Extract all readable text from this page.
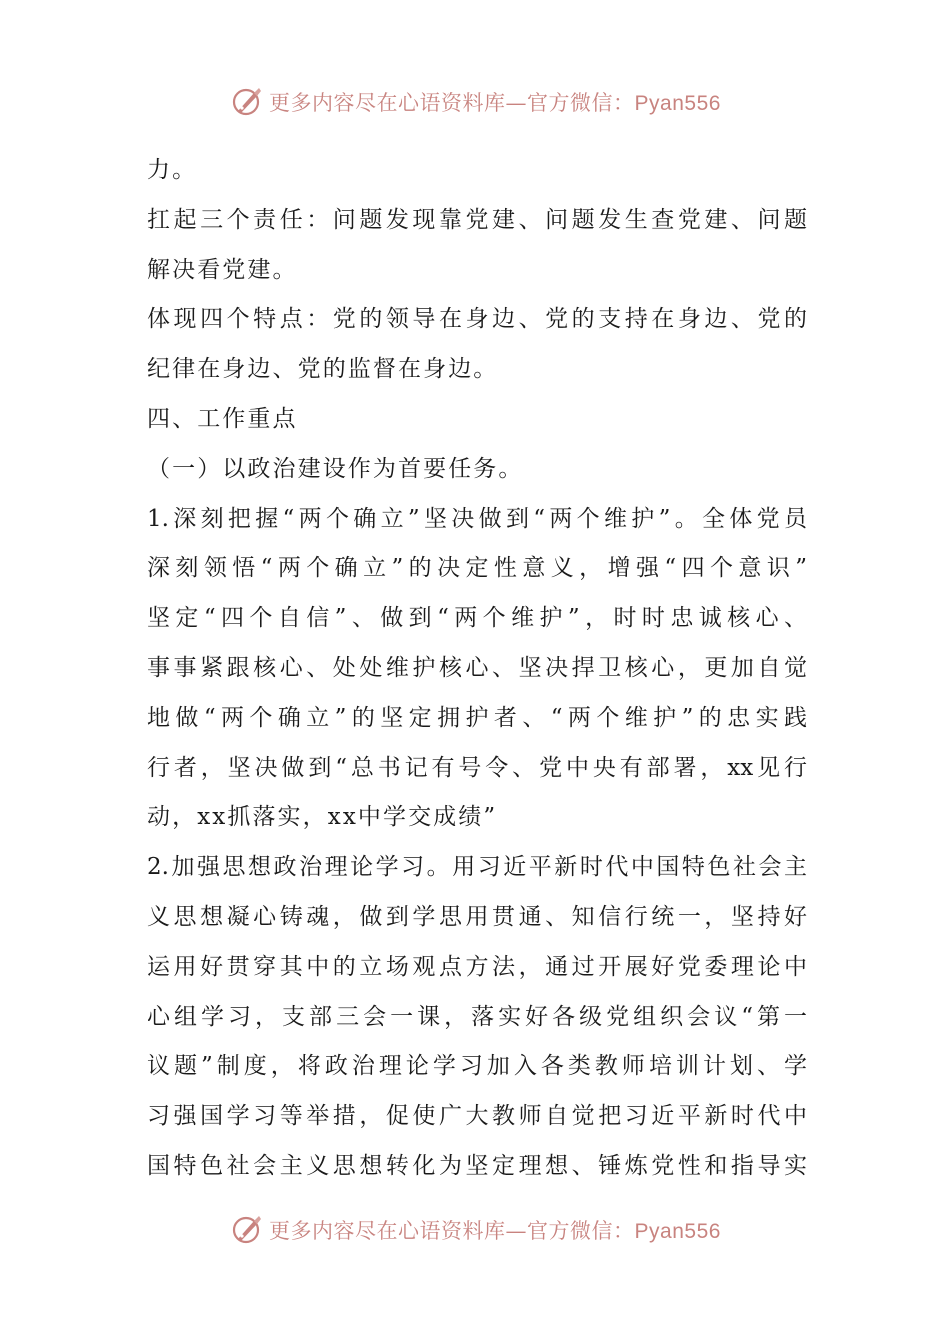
更多内容尽在心语资料库—官方微信：Pyan556
力。
扛起三个责任：问题发现靠党建、问题发生查党建、问题
解决看党建。
体现四个特点：党的领导在身边、党的支持在身边、党的
纪律在身边、党的监督在身边。
四、工作重点
（一）以政治建设作为首要任务。
1.深刻把握“两个确立”坚决做到“两个维护”。全体党员
深刻领悟“两个确立”的决定性意义，增强“四个意识”
坚定“四个自信”、做到“两个维护”，时时忠诚核心、
事事紧跟核心、处处维护核心、坚决捍卫核心，更加自觉
地做“两个确立”的坚定拥护者、“两个维护”的忠实践
行者，坚决做到“总书记有号令、党中央有部署，xx见行
动，xx抓落实，xx中学交成绩”
2.加强思想政治理论学习。用习近平新时代中国特色社会主
义思想凝心铸魂，做到学思用贯通、知信行统一，坚持好
运用好贯穿其中的立场观点方法，通过开展好党委理论中
心组学习，支部三会一课，落实好各级党组织会议“第一
议题”制度，将政治理论学习加入各类教师培训计划、学
习强国学习等举措，促使广大教师自觉把习近平新时代中
国特色社会主义思想转化为坚定理想、锤炼党性和指导实
更多内容尽在心语资料库—官方微信：Pyan556
